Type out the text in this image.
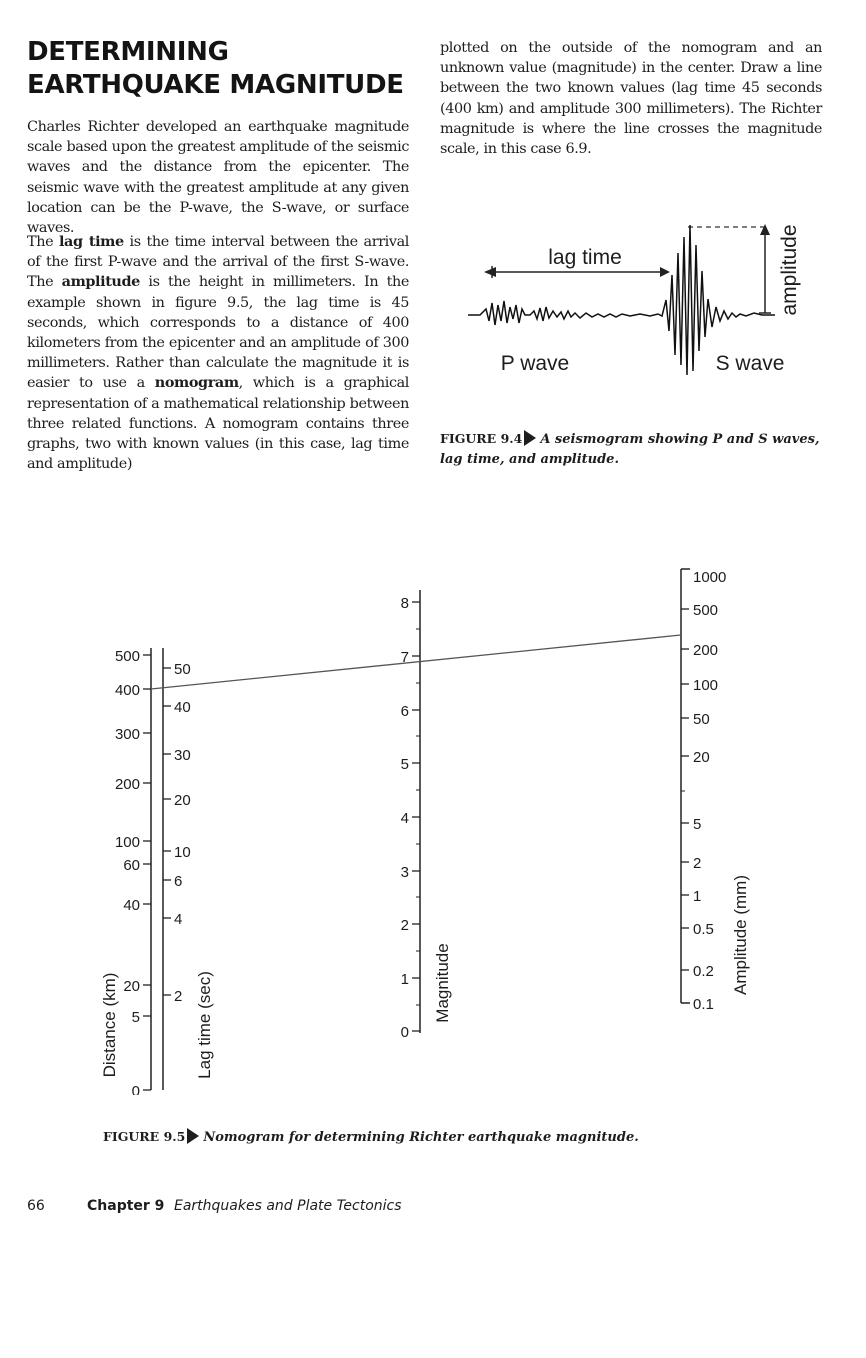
DETERMINING EARTHQUAKE MAGNITUDE

Charles Richter developed an earthquake magnitude scale based upon the greatest amplitude of the seismic waves and the distance from the epicenter. The seismic wave with the greatest amplitude at any given location can be the P-wave, the S-wave, or surface waves.

The lag time is the time interval between the arrival of the first P-wave and the arrival of the first S-wave. The amplitude is the height in millimeters. In the example shown in figure 9.5, the lag time is 45 seconds, which corresponds to a distance of 400 kilometers from the epicenter and an amplitude of 300 millimeters. Rather than calculate the magnitude it is easier to use a nomogram, which is a graphical representation of a mathematical relationship between three related functions. A nomogram contains three graphs, two with known values (in this case, lag time and amplitude)

plotted on the outside of the nomogram and an unknown value (magnitude) in the center. Draw a line between the two known values (lag time 45 seconds (400 km) and amplitude 300 millimeters). The Richter magnitude is where the line crosses the magnitude scale, in this case 6.9.

lag time	amplitude
P wave	S wave

FIGURE 9.4 A seismogram showing P and S waves, lag time, and amplitude.

500
400
300
200
100
60
40
20
5
0
50
40
30
20
10
6
4
2
8
7
6
5
4
3
2
1
0
1000
500
200
100
50
20
5
2
1
0.5
0.2
0.1
Distance (km)	Lag time (sec)	Magnitude	Amplitude (mm)

FIGURE 9.5 Nomogram for determining Richter earthquake magnitude.

66	Chapter 9 Earthquakes and Plate Tectonics
